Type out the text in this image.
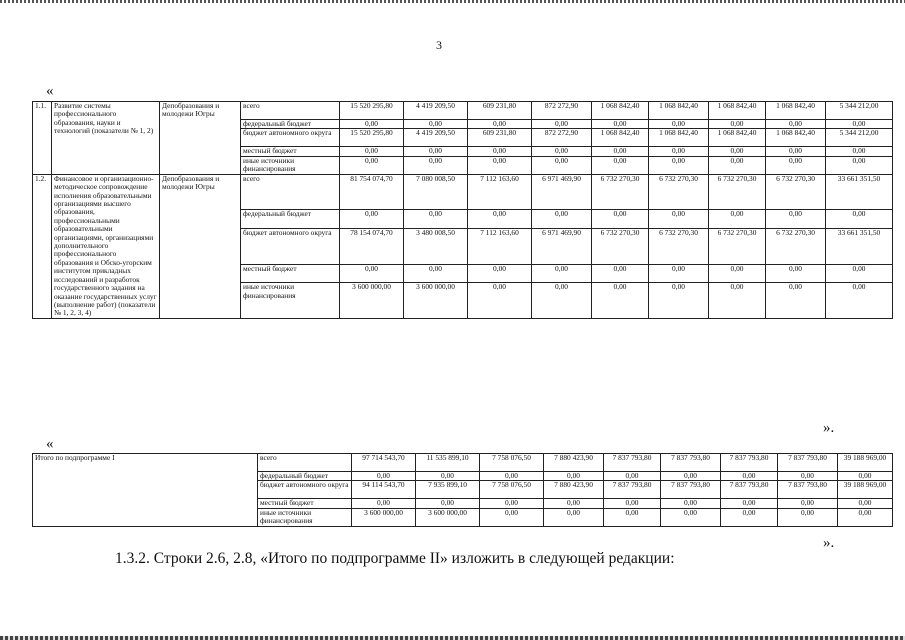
3
«
1.1.	Развитие системы профессионального образования, науки и технологий (показатели № 1, 2)	Депобразования и молодежи Югры	всего	15 520 295,80	4 419 209,50	609 231,80	872 272,90	1 068 842,40	1 068 842,40	1 068 842,40	1 068 842,40	5 344 212,00
			федеральный бюджет	0,00	0,00	0,00	0,00	0,00	0,00	0,00	0,00	0,00
			бюджет автономного округа	15 520 295,80	4 419 209,50	609 231,80	872 272,90	1 068 842,40	1 068 842,40	1 068 842,40	1 068 842,40	5 344 212,00
			местный бюджет	0,00	0,00	0,00	0,00	0,00	0,00	0,00	0,00	0,00
			иные источники финансирования	0,00	0,00	0,00	0,00	0,00	0,00	0,00	0,00	0,00
1.2.	Финансовое и организационно-методическое сопровождение исполнения образовательными организациями высшего образования, профессиональными образовательными организациями, организациями дополнительного профессионального образования и Обско-угорским институтом прикладных исследований и разработок государственного задания на оказание государственных услуг (выполнение работ) (показатели № 1, 2, 3, 4)	Депобразования и молодежи Югры	всего	81 754 074,70	7 080 008,50	7 112 163,60	6 971 469,90	6 732 270,30	6 732 270,30	6 732 270,30	6 732 270,30	33 661 351,50
			федеральный бюджет	0,00	0,00	0,00	0,00	0,00	0,00	0,00	0,00	0,00
			бюджет автономного округа	78 154 074,70	3 480 008,50	7 112 163,60	6 971 469,90	6 732 270,30	6 732 270,30	6 732 270,30	6 732 270,30	33 661 351,50
			местный бюджет	0,00	0,00	0,00	0,00	0,00	0,00	0,00	0,00	0,00
			иные источники финансирования	3 600 000,00	3 600 000,00	0,00	0,00	0,00	0,00	0,00	0,00	0,00
».
«
Итого по подпрограмме I	всего	97 714 543,70	11 535 899,10	7 758 076,50	7 880 423,90	7 837 793,80	7 837 793,80	7 837 793,80	7 837 793,80	39 188 969,00
	федеральный бюджет	0,00	0,00	0,00	0,00	0,00	0,00	0,00	0,00	0,00
	бюджет автономного округа	94 114 543,70	7 935 899,10	7 758 076,50	7 880 423,90	7 837 793,80	7 837 793,80	7 837 793,80	7 837 793,80	39 188 969,00
	местный бюджет	0,00	0,00	0,00	0,00	0,00	0,00	0,00	0,00	0,00
	иные источники финансирования	3 600 000,00	3 600 000,00	0,00	0,00	0,00	0,00	0,00	0,00	0,00
».
1.3.2. Строки 2.6, 2.8, «Итого по подпрограмме II» изложить в следующей редакции:
